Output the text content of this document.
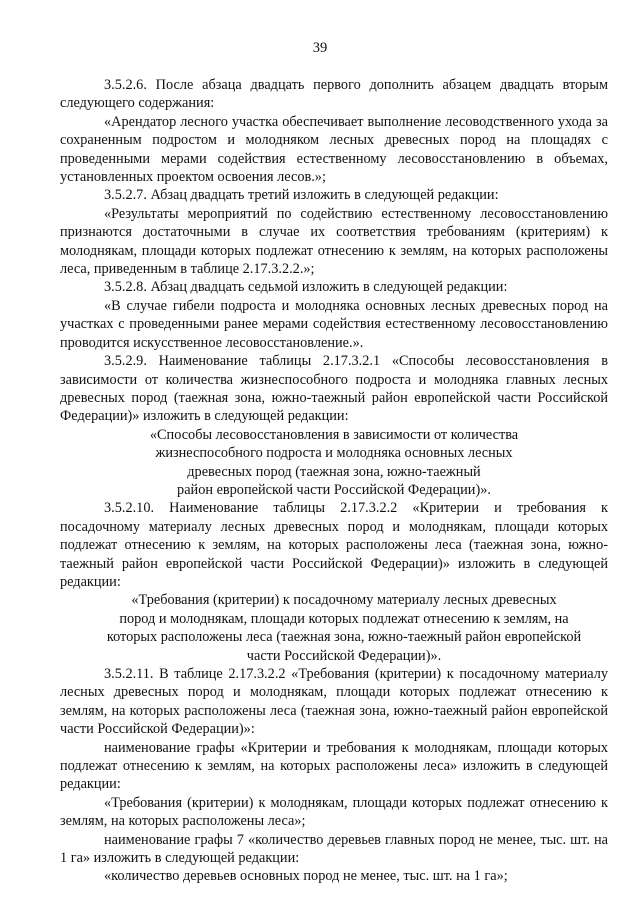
39

3.5.2.6. После абзаца двадцать первого дополнить абзацем двадцать вторым следующего содержания:

«Арендатор лесного участка обеспечивает выполнение лесоводственного ухода за сохраненным подростом и молодняком лесных древесных пород на площадях с проведенными мерами содействия естественному лесовосстановлению в объемах, установленных проектом освоения лесов.»;

3.5.2.7. Абзац двадцать третий изложить в следующей редакции:

«Результаты мероприятий по содействию естественному лесовосстановлению признаются достаточными в случае их соответствия требованиям (критериям) к молоднякам, площади которых подлежат отнесению к землям, на которых расположены леса, приведенным в таблице 2.17.3.2.2.»;

3.5.2.8. Абзац двадцать седьмой изложить в следующей редакции:

«В случае гибели подроста и молодняка основных лесных древесных пород на участках с проведенными ранее мерами содействия естественному лесовосстановлению проводится искусственное лесовосстановление.».

3.5.2.9. Наименование таблицы 2.17.3.2.1 «Способы лесовосстановления в зависимости от количества жизнеспособного подроста и молодняка главных лесных древесных пород (таежная зона, южно-таежный район европейской части Российской Федерации)» изложить в следующей редакции:

«Способы лесовосстановления в зависимости от количества

жизнеспособного подроста и молодняка основных лесных

древесных пород (таежная зона, южно-таежный

район европейской части Российской Федерации)».

3.5.2.10. Наименование таблицы 2.17.3.2.2 «Критерии и требования к посадочному материалу лесных древесных пород и молоднякам, площади которых подлежат отнесению к землям, на которых расположены леса (таежная зона, южно-таежный район европейской части Российской Федерации)» изложить в следующей редакции:

«Требования (критерии) к посадочному материалу лесных древесных

пород и молоднякам, площади которых подлежат отнесению к землям, на

которых расположены леса (таежная зона, южно-таежный район европейской

части Российской Федерации)».

3.5.2.11. В таблице 2.17.3.2.2 «Требования (критерии) к посадочному материалу лесных древесных пород и молоднякам, площади которых подлежат отнесению к землям, на которых расположены леса (таежная зона, южно-таежный район европейской части Российской Федерации)»:

наименование графы «Критерии и требования к молоднякам, площади которых подлежат отнесению к землям, на которых расположены леса» изложить в следующей редакции:

«Требования (критерии) к молоднякам, площади которых подлежат отнесению к землям, на которых расположены леса»;

наименование графы 7 «количество деревьев главных пород не менее, тыс. шт. на 1 га» изложить в следующей редакции:

«количество деревьев основных пород не менее, тыс. шт. на 1 га»;
